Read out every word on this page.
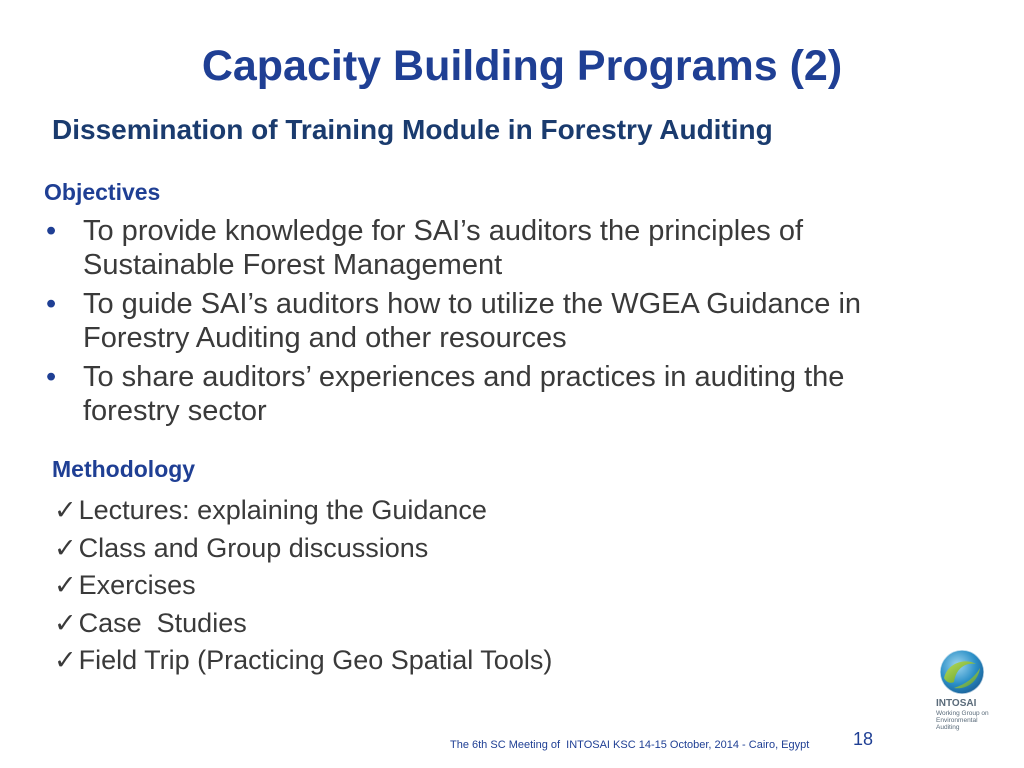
Capacity Building Programs (2)
Dissemination of Training Module in Forestry Auditing
Objectives
• To provide knowledge for SAI’s auditors the principles of Sustainable Forest Management
• To guide SAI’s auditors how to utilize the WGEA Guidance in Forestry Auditing and other resources
• To share auditors’ experiences and practices in auditing the forestry sector
Methodology
✓Lectures: explaining the Guidance
✓Class and Group discussions
✓Exercises
✓Case  Studies
✓Field Trip (Practicing Geo Spatial Tools)
The 6th SC Meeting of  INTOSAI KSC 14-15 October, 2014 - Cairo, Egypt 18
INTOSAI
Working Group on Environmental Auditing
